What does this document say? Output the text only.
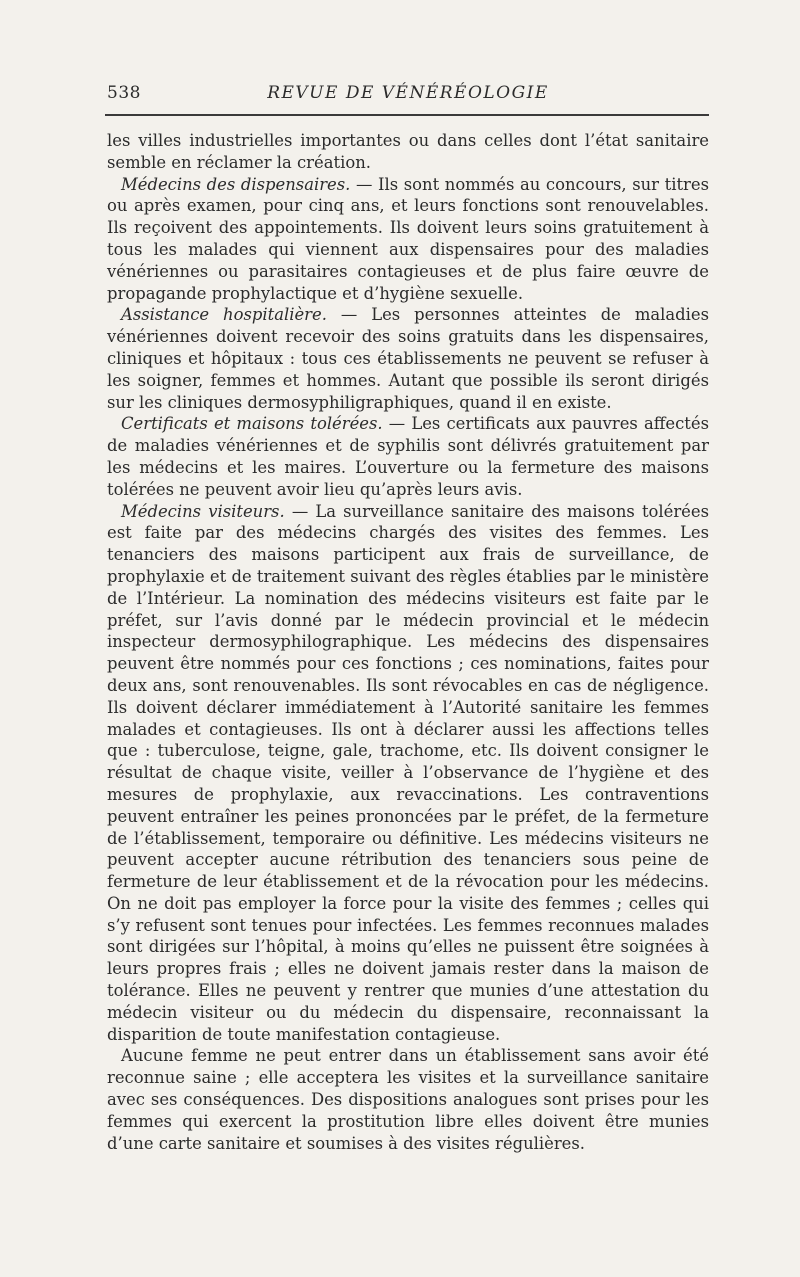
538	REVUE DE VÉNÉRÉOLOGIE

les villes industrielles importantes ou dans celles dont l’état sanitaire semble en réclamer la création.

Médecins des dispensaires. — Ils sont nommés au concours, sur titres ou après examen, pour cinq ans, et leurs fonctions sont renouvelables. Ils reçoivent des appointements. Ils doivent leurs soins gratuitement à tous les malades qui viennent aux dispensaires pour des maladies vénériennes ou parasitaires contagieuses et de plus faire œuvre de propagande prophylactique et d’hygiène sexuelle.

Assistance hospitalière. — Les personnes atteintes de maladies vénériennes doivent recevoir des soins gratuits dans les dispensaires, cliniques et hôpitaux : tous ces établissements ne peuvent se refuser à les soigner, femmes et hommes. Autant que possible ils seront dirigés sur les cliniques dermosyphiligraphiques, quand il en existe.

Certificats et maisons tolérées. — Les certificats aux pauvres affectés de maladies vénériennes et de syphilis sont délivrés gratuitement par les médecins et les maires. L’ouverture ou la fermeture des maisons tolérées ne peuvent avoir lieu qu’après leurs avis.

Médecins visiteurs. — La surveillance sanitaire des maisons tolérées est faite par des médecins chargés des visites des femmes. Les tenanciers des maisons participent aux frais de surveillance, de prophylaxie et de traitement suivant des règles établies par le ministère de l’Intérieur. La nomination des médecins visiteurs est faite par le préfet, sur l’avis donné par le médecin provincial et le médecin inspecteur dermosyphilographique. Les médecins des dispensaires peuvent être nommés pour ces fonctions ; ces nominations, faites pour deux ans, sont renouvenables. Ils sont révocables en cas de négligence. Ils doivent déclarer immédiatement à l’Autorité sanitaire les femmes malades et contagieuses. Ils ont à déclarer aussi les affections telles que : tuberculose, teigne, gale, trachome, etc. Ils doivent consigner le résultat de chaque visite, veiller à l’observance de l’hygiène et des mesures de prophylaxie, aux revaccinations. Les contraventions peuvent entraîner les peines prononcées par le préfet, de la fermeture de l’établissement, temporaire ou définitive. Les médecins visiteurs ne peuvent accepter aucune rétribution des tenanciers sous peine de fermeture de leur établissement et de la révocation pour les médecins. On ne doit pas employer la force pour la visite des femmes ; celles qui s’y refusent sont tenues pour infectées. Les femmes reconnues malades sont dirigées sur l’hôpital, à moins qu’elles ne puissent être soignées à leurs propres frais ; elles ne doivent jamais rester dans la maison de tolérance. Elles ne peuvent y rentrer que munies d’une attestation du médecin visiteur ou du médecin du dispensaire, reconnaissant la disparition de toute manifestation contagieuse.

Aucune femme ne peut entrer dans un établissement sans avoir été reconnue saine ; elle acceptera les visites et la surveillance sanitaire avec ses conséquences. Des dispositions analogues sont prises pour les femmes qui exercent la prostitution libre elles doivent être munies d’une carte sanitaire et soumises à des visites régulières.
